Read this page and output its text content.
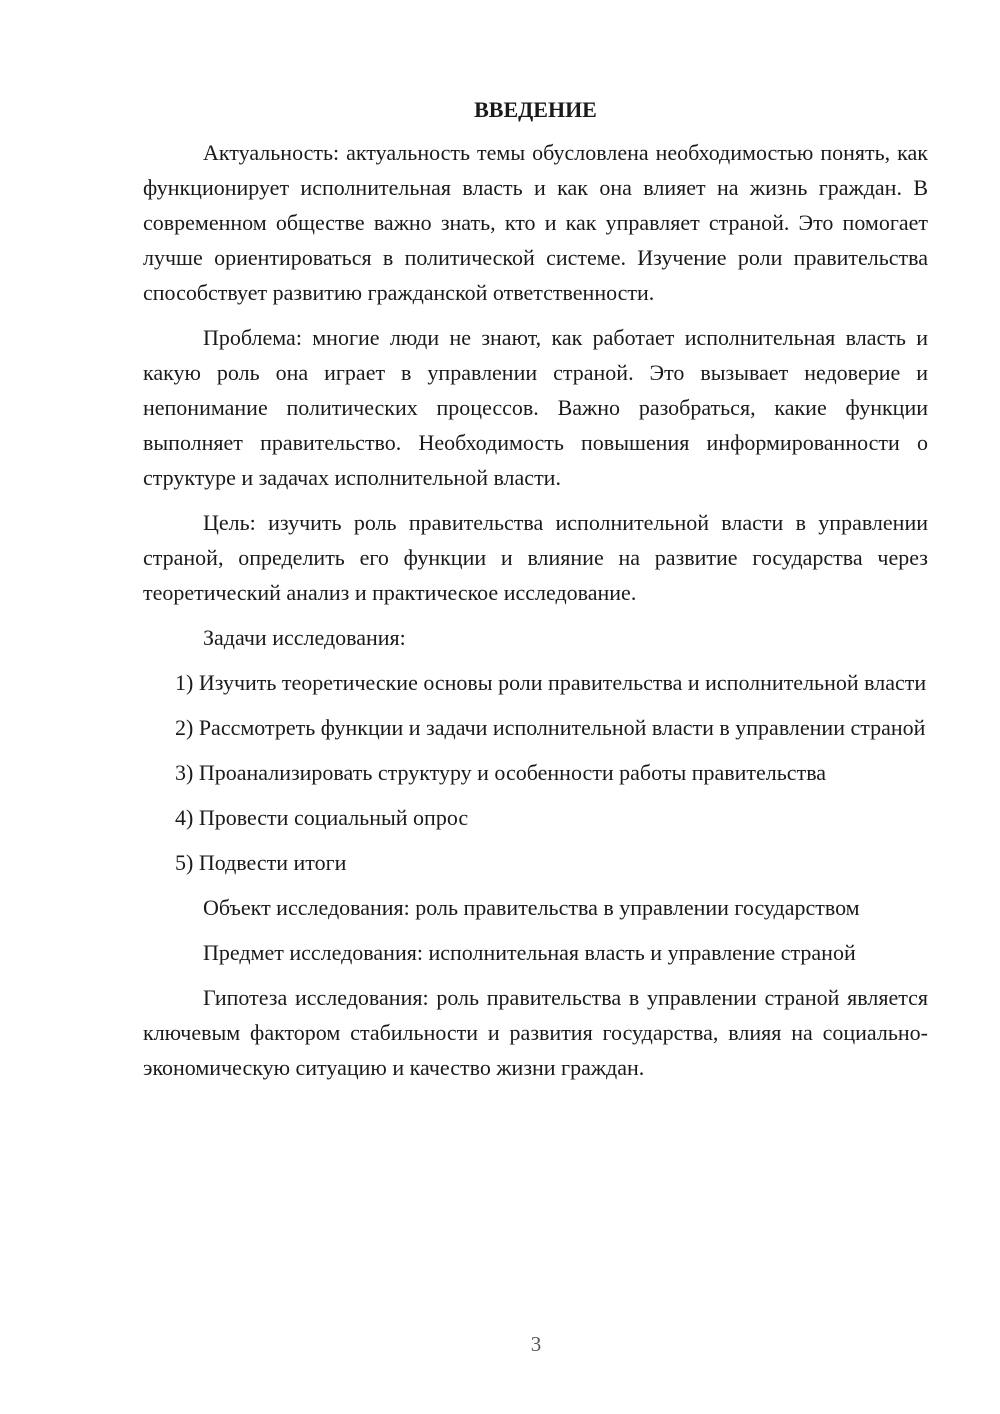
ВВЕДЕНИЕ

Актуальность: актуальность темы обусловлена необходимостью понять, как функционирует исполнительная власть и как она влияет на жизнь граждан. В современном обществе важно знать, кто и как управляет страной. Это помогает лучше ориентироваться в политической системе. Изучение роли правительства способствует развитию гражданской ответственности.

Проблема: многие люди не знают, как работает исполнительная власть и какую роль она играет в управлении страной. Это вызывает недоверие и непонимание политических процессов. Важно разобраться, какие функции выполняет правительство. Необходимость повышения информированности о структуре и задачах исполнительной власти.

Цель: изучить роль правительства исполнительной власти в управлении страной, определить его функции и влияние на развитие государства через теоретический анализ и практическое исследование.

Задачи исследования:

1) Изучить теоретические основы роли правительства и исполнительной власти

2) Рассмотреть функции и задачи исполнительной власти в управлении страной

3) Проанализировать структуру и особенности работы правительства

4) Провести социальный опрос

5) Подвести итоги

Объект исследования: роль правительства в управлении государством

Предмет исследования: исполнительная власть и управление страной

Гипотеза исследования: роль правительства в управлении страной является ключевым фактором стабильности и развития государства, влияя на социально-экономическую ситуацию и качество жизни граждан.

3
